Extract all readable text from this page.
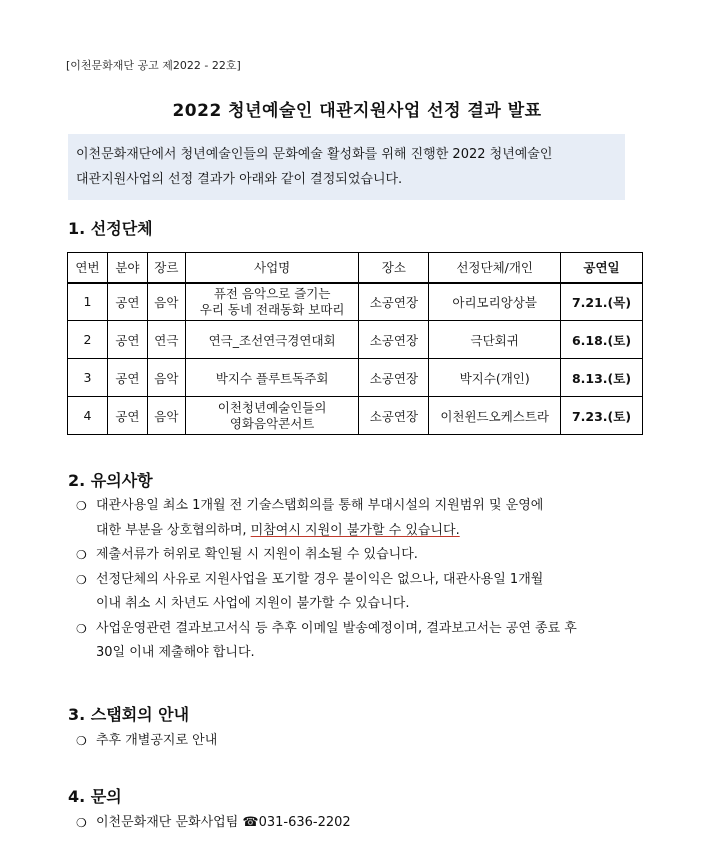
[이천문화재단 공고 제2022 - 22호]
2022 청년예술인 대관지원사업 선정 결과 발표
이천문화재단에서 청년예술인들의 문화예술 활성화를 위해 진행한 2022 청년예술인
대관지원사업의 선정 결과가 아래와 같이 결정되었습니다.
1. 선정단체
연번	분야	장르	사업명	장소	선정단체/개인	공연일
1	공연	음악	퓨전 음악으로 즐기는
우리 동네 전래동화 보따리	소공연장	아리모리앙상블	7.21.(목)
2	공연	연극	연극_조선연극경연대회	소공연장	극단회귀	6.18.(토)
3	공연	음악	박지수 플루트독주회	소공연장	박지수(개인)	8.13.(토)
4	공연	음악	이천청년예술인들의
영화음악콘서트	소공연장	이천윈드오케스트라	7.23.(토)
2. 유의사항
❍ 대관사용일 최소 1개월 전 기술스탭회의를 통해 부대시설의 지원범위 및 운영에
대한 부분을 상호협의하며, 미참여시 지원이 불가할 수 있습니다.
❍ 제출서류가 허위로 확인될 시 지원이 취소될 수 있습니다.
❍ 선정단체의 사유로 지원사업을 포기할 경우 불이익은 없으나, 대관사용일 1개월
이내 취소 시 차년도 사업에 지원이 불가할 수 있습니다.
❍ 사업운영관련 결과보고서식 등 추후 이메일 발송예정이며, 결과보고서는 공연 종료 후
30일 이내 제출해야 합니다.
3. 스탭회의 안내
❍ 추후 개별공지로 안내
4. 문의
❍ 이천문화재단 문화사업팀 ☎031-636-2202
